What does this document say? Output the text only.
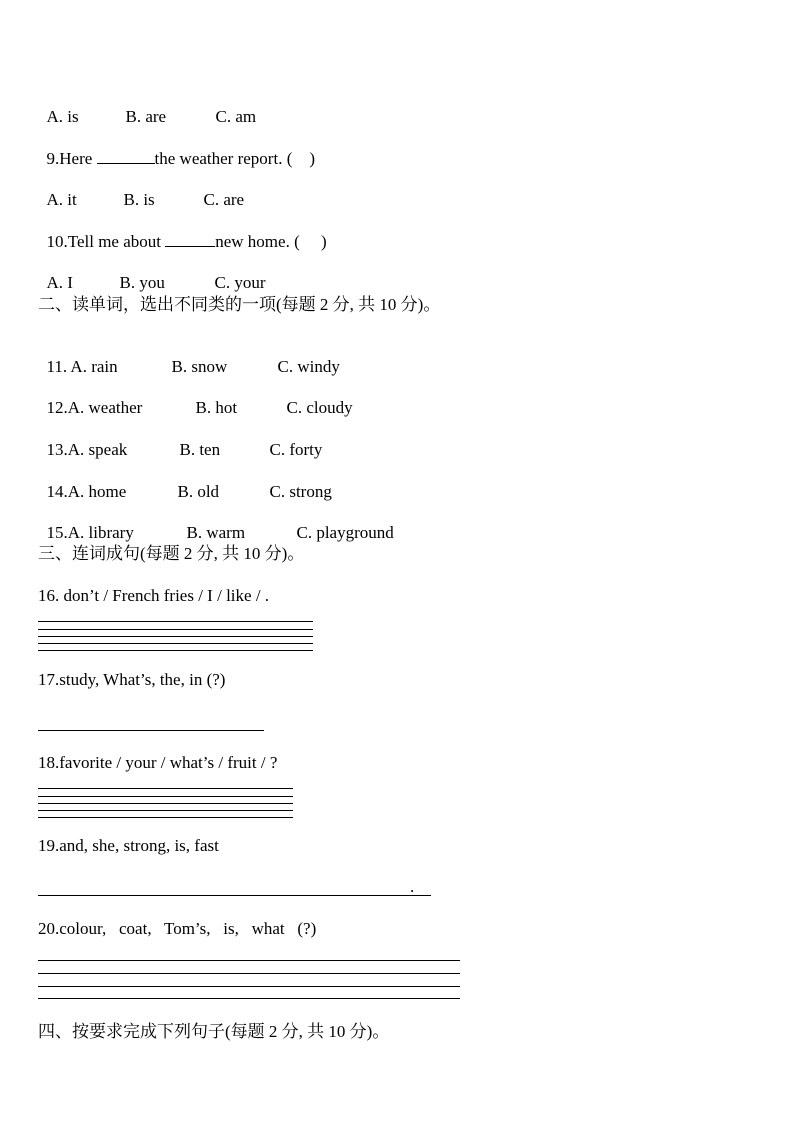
A. is	B. are	C. am

9.Here	the weather report. (    )

A. it	B. is	C. are

10.Tell me about	new home. (     )

A. I	B. you	C. your

二、读单词，选出不同类的一项(每题 2 分, 共 10 分)。

11. A. rain	B. snow	C. windy

12.A. weather	B. hot	C. cloudy

13.A. speak	B. ten	C. forty

14.A. home	B. old	C. strong

15.A. library	B. warm	C. playground

三、连词成句(每题 2 分, 共 10 分)。
16. don’t / French fries / I / like / .
17.study, What’s, the, in (?)
18.favorite / your / what’s / fruit / ?
19.and, she, strong, is, fast
.
20.colour,   coat,   Tom’s,   is,   what   (?)
四、按要求完成下列句子(每题 2 分, 共 10 分)。
